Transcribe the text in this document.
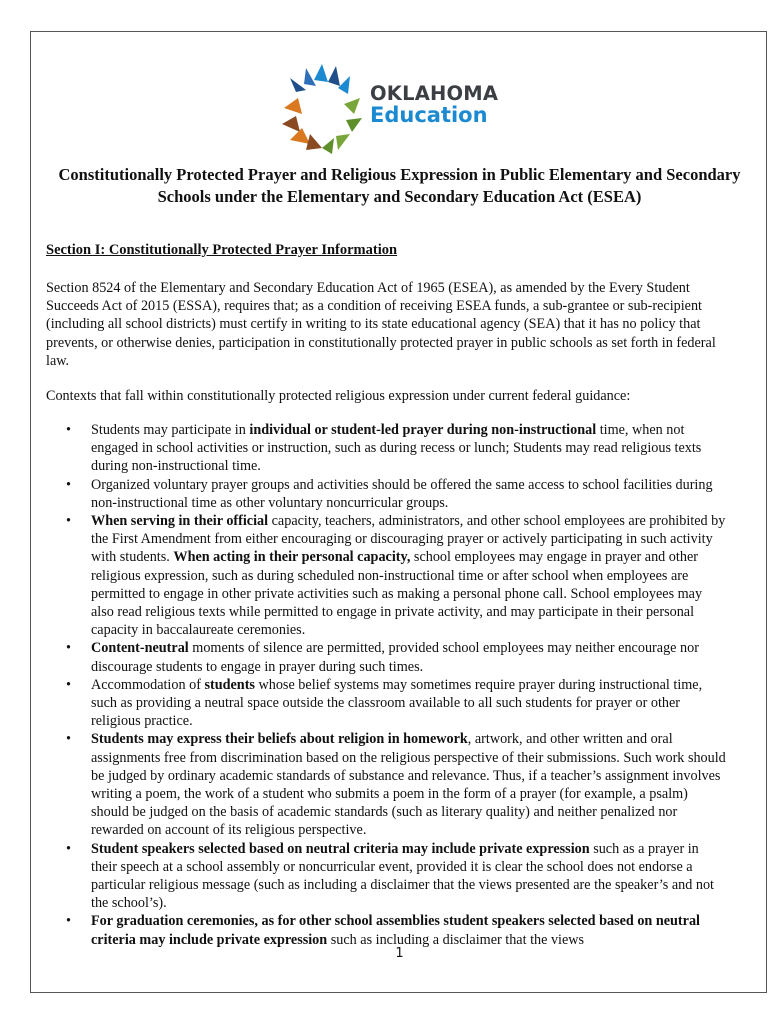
OKLAHOMA
Education
Constitutionally Protected Prayer and Religious Expression in Public Elementary and Secondary Schools under the Elementary and Secondary Education Act (ESEA)
Section I: Constitutionally Protected Prayer Information
Section 8524 of the Elementary and Secondary Education Act of 1965 (ESEA), as amended by the Every Student Succeeds Act of 2015 (ESSA), requires that; as a condition of receiving ESEA funds, a sub-grantee or sub-recipient (including all school districts) must certify in writing to its state educational agency (SEA) that it has no policy that prevents, or otherwise denies, participation in constitutionally protected prayer in public schools as set forth in federal law.
Contexts that fall within constitutionally protected religious expression under current federal guidance:
• Students may participate in individual or student-led prayer during non-instructional time, when not engaged in school activities or instruction, such as during recess or lunch; Students may read religious texts during non-instructional time.
• Organized voluntary prayer groups and activities should be offered the same access to school facilities during non-instructional time as other voluntary noncurricular groups.
• When serving in their official capacity, teachers, administrators, and other school employees are prohibited by the First Amendment from either encouraging or discouraging prayer or actively participating in such activity with students. When acting in their personal capacity, school employees may engage in prayer and other religious expression, such as during scheduled non-instructional time or after school when employees are permitted to engage in other private activities such as making a personal phone call. School employees may also read religious texts while permitted to engage in private activity, and may participate in their personal capacity in baccalaureate ceremonies.
• Content-neutral moments of silence are permitted, provided school employees may neither encourage nor discourage students to engage in prayer during such times.
• Accommodation of students whose belief systems may sometimes require prayer during instructional time, such as providing a neutral space outside the classroom available to all such students for prayer or other religious practice.
• Students may express their beliefs about religion in homework, artwork, and other written and oral assignments free from discrimination based on the religious perspective of their submissions. Such work should be judged by ordinary academic standards of substance and relevance. Thus, if a teacher’s assignment involves writing a poem, the work of a student who submits a poem in the form of a prayer (for example, a psalm) should be judged on the basis of academic standards (such as literary quality) and neither penalized nor rewarded on account of its religious perspective.
• Student speakers selected based on neutral criteria may include private expression such as a prayer in their speech at a school assembly or noncurricular event, provided it is clear the school does not endorse a particular religious message (such as including a disclaimer that the views presented are the speaker’s and not the school’s).
• For graduation ceremonies, as for other school assemblies student speakers selected based on neutral criteria may include private expression such as including a disclaimer that the views
1
